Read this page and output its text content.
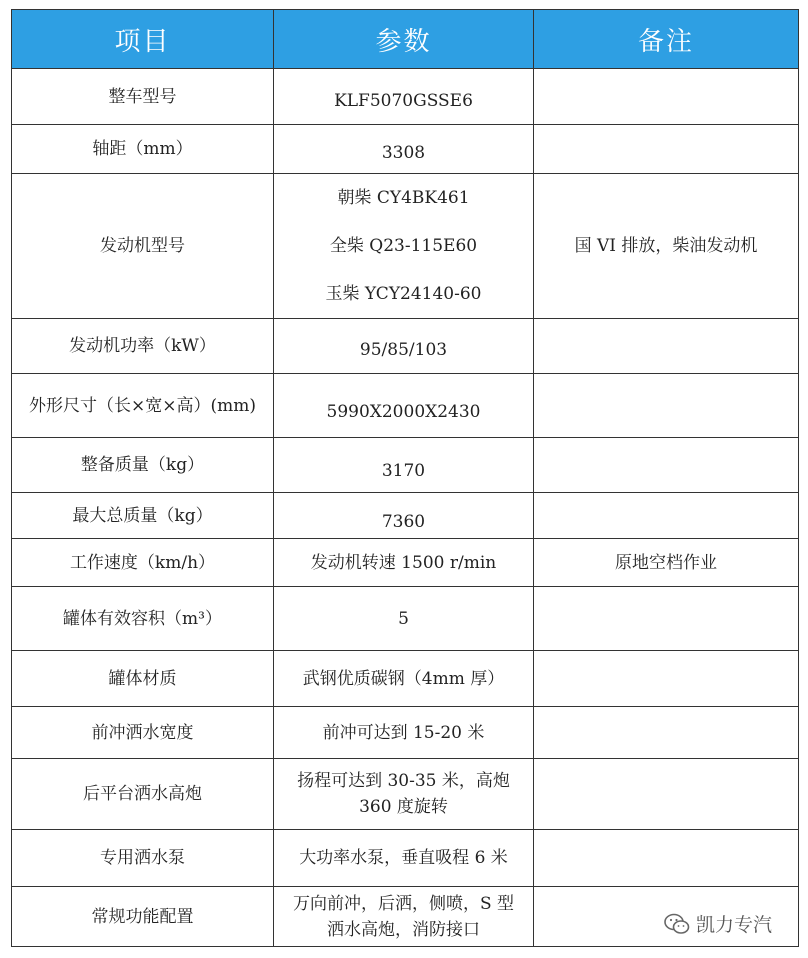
项目	参数	备注
整车型号	KLF5070GSSE6	
轴距（mm）	3308	
发动机型号	朝柴 CY4BK461
全柴 Q23-115E60
玉柴 YCY24140-60	国 VI 排放，柴油发动机
发动机功率（kW）	95/85/103	
外形尺寸（长×宽×高）(mm)	5990X2000X2430	
整备质量（kg）	3170	
最大总质量（kg）	7360	
工作速度（km/h）	发动机转速 1500 r/min	原地空档作业
罐体有效容积（m³）	5	
罐体材质	武钢优质碳钢（4mm 厚）	
前冲洒水宽度	前冲可达到 15-20 米	
后平台洒水高炮	扬程可达到 30-35 米，高炮
360 度旋转	

专用洒水泵	大功率水泵，垂直吸程 6 米	
常规功能配置	万向前冲，后洒，侧喷，S 型
洒水高炮，消防接口	
		凯力专汽
